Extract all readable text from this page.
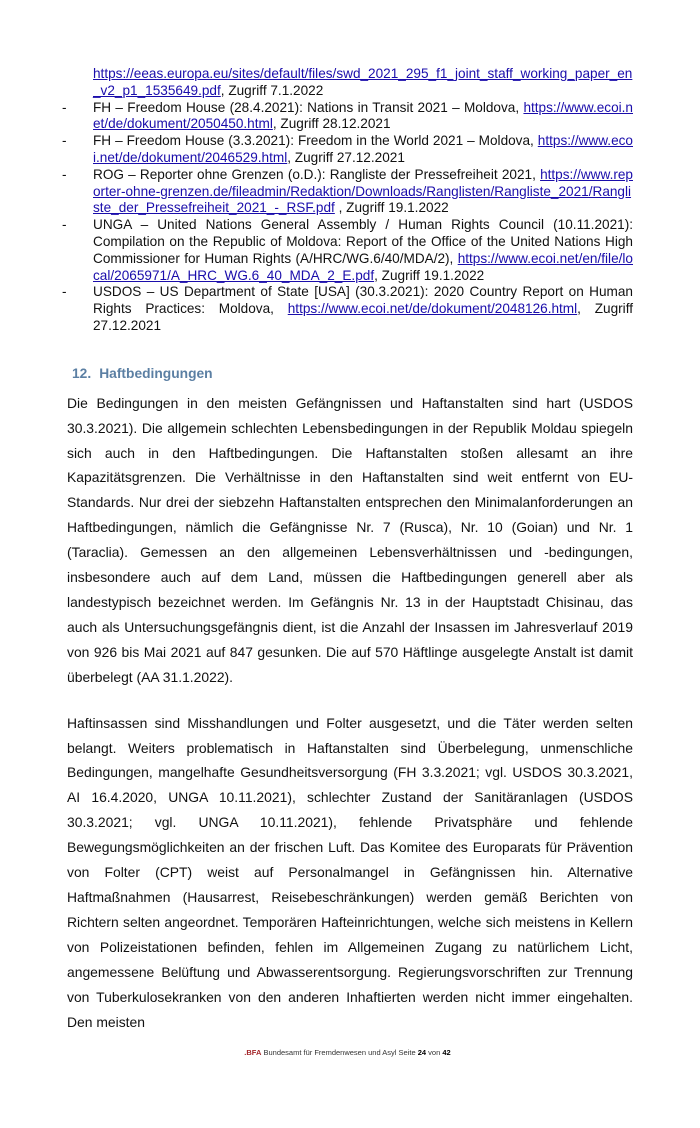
https://eeas.europa.eu/sites/default/files/swd_2021_295_f1_joint_staff_working_paper_en_v2_p1_1535649.pdf, Zugriff 7.1.2022
- FH – Freedom House (28.4.2021): Nations in Transit 2021 – Moldova, https://www.ecoi.net/de/dokument/2050450.html, Zugriff 28.12.2021
- FH – Freedom House (3.3.2021): Freedom in the World 2021 – Moldova, https://www.ecoi.net/de/dokument/2046529.html, Zugriff 27.12.2021
- ROG – Reporter ohne Grenzen (o.D.): Rangliste der Pressefreiheit 2021, https://www.reporter-ohne-grenzen.de/fileadmin/Redaktion/Downloads/Ranglisten/Rangliste_2021/Rangliste_der_Pressefreiheit_2021_-_RSF.pdf , Zugriff 19.1.2022
- UNGA – United Nations General Assembly / Human Rights Council (10.11.2021): Compilation on the Republic of Moldova: Report of the Office of the United Nations High Commissioner for Human Rights (A/HRC/WG.6/40/MDA/2), https://www.ecoi.net/en/file/local/2065971/A_HRC_WG.6_40_MDA_2_E.pdf, Zugriff 19.1.2022
- USDOS – US Department of State [USA] (30.3.2021): 2020 Country Report on Human Rights Practices: Moldova, https://www.ecoi.net/de/dokument/2048126.html, Zugriff 27.12.2021
12. Haftbedingungen

Die Bedingungen in den meisten Gefängnissen und Haftanstalten sind hart (USDOS 30.3.2021). Die allgemein schlechten Lebensbedingungen in der Republik Moldau spiegeln sich auch in den Haftbedingungen. Die Haftanstalten stoßen allesamt an ihre Kapazitätsgrenzen. Die Verhältnisse in den Haftanstalten sind weit entfernt von EU-Standards. Nur drei der siebzehn Haftanstalten entsprechen den Minimalanforderungen an Haftbedingungen, nämlich die Gefängnisse Nr. 7 (Rusca), Nr. 10 (Goian) und Nr. 1 (Taraclia). Gemessen an den allgemeinen Lebensverhältnissen und -bedingungen, insbesondere auch auf dem Land, müssen die Haftbedingungen generell aber als landestypisch bezeichnet werden. Im Gefängnis Nr. 13 in der Hauptstadt Chisinau, das auch als Untersuchungsgefängnis dient, ist die Anzahl der Insassen im Jahresverlauf 2019 von 926 bis Mai 2021 auf 847 gesunken. Die auf 570 Häftlinge ausgelegte Anstalt ist damit überbelegt (AA 31.1.2022).

Haftinsassen sind Misshandlungen und Folter ausgesetzt, und die Täter werden selten belangt. Weiters problematisch in Haftanstalten sind Überbelegung, unmenschliche Bedingungen, mangelhafte Gesundheitsversorgung (FH 3.3.2021; vgl. USDOS 30.3.2021, AI 16.4.2020, UNGA 10.11.2021), schlechter Zustand der Sanitäranlagen (USDOS 30.3.2021; vgl. UNGA 10.11.2021), fehlende Privatsphäre und fehlende Bewegungsmöglichkeiten an der frischen Luft. Das Komitee des Europarats für Prävention von Folter (CPT) weist auf Personalmangel in Gefängnissen hin. Alternative Haftmaßnahmen (Hausarrest, Reisebeschränkungen) werden gemäß Berichten von Richtern selten angeordnet. Temporären Hafteinrichtungen, welche sich meistens in Kellern von Polizeistationen befinden, fehlen im Allgemeinen Zugang zu natürlichem Licht, angemessene Belüftung und Abwasserentsorgung. Regierungsvorschriften zur Trennung von Tuberkulosekranken von den anderen Inhaftierten werden nicht immer eingehalten. Den meisten

.BFA Bundesamt für Fremdenwesen und Asyl Seite 24 von 42
